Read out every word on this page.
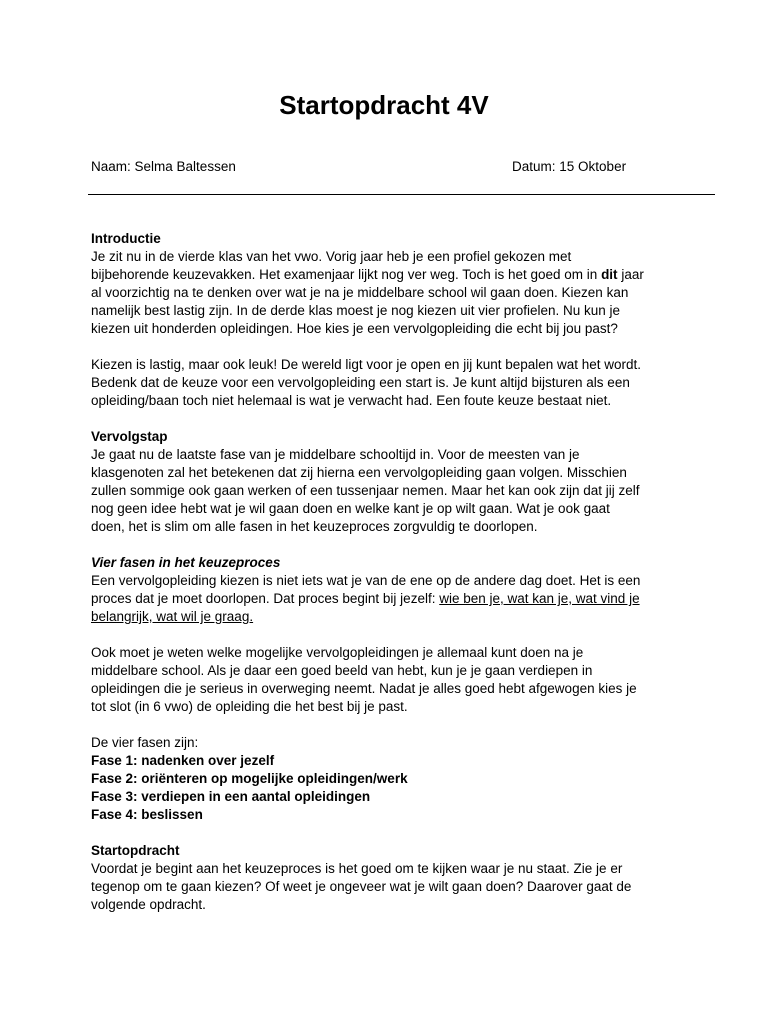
Startopdracht 4V
Naam: Selma Baltessen	Datum: 15 Oktober
Introductie
Je zit nu in de vierde klas van het vwo. Vorig jaar heb je een profiel gekozen met
bijbehorende keuzevakken. Het examenjaar lijkt nog ver weg. Toch is het goed om in dit jaar
al voorzichtig na te denken over wat je na je middelbare school wil gaan doen. Kiezen kan
namelijk best lastig zijn. In de derde klas moest je nog kiezen uit vier profielen. Nu kun je
kiezen uit honderden opleidingen. Hoe kies je een vervolgopleiding die echt bij jou past?
Kiezen is lastig, maar ook leuk! De wereld ligt voor je open en jij kunt bepalen wat het wordt.
Bedenk dat de keuze voor een vervolgopleiding een start is. Je kunt altijd bijsturen als een
opleiding/baan toch niet helemaal is wat je verwacht had. Een foute keuze bestaat niet.
Vervolgstap
Je gaat nu de laatste fase van je middelbare schooltijd in. Voor de meesten van je
klasgenoten zal het betekenen dat zij hierna een vervolgopleiding gaan volgen. Misschien
zullen sommige ook gaan werken of een tussenjaar nemen. Maar het kan ook zijn dat jij zelf
nog geen idee hebt wat je wil gaan doen en welke kant je op wilt gaan. Wat je ook gaat
doen, het is slim om alle fasen in het keuzeproces zorgvuldig te doorlopen.
Vier fasen in het keuzeproces
Een vervolgopleiding kiezen is niet iets wat je van de ene op de andere dag doet. Het is een
proces dat je moet doorlopen. Dat proces begint bij jezelf: wie ben je, wat kan je, wat vind je
belangrijk, wat wil je graag.
Ook moet je weten welke mogelijke vervolgopleidingen je allemaal kunt doen na je
middelbare school. Als je daar een goed beeld van hebt, kun je je gaan verdiepen in
opleidingen die je serieus in overweging neemt. Nadat je alles goed hebt afgewogen kies je
tot slot (in 6 vwo) de opleiding die het best bij je past.
De vier fasen zijn:
Fase 1: nadenken over jezelf
Fase 2: oriënteren op mogelijke opleidingen/werk
Fase 3: verdiepen in een aantal opleidingen
Fase 4: beslissen
Startopdracht
Voordat je begint aan het keuzeproces is het goed om te kijken waar je nu staat. Zie je er
tegenop om te gaan kiezen? Of weet je ongeveer wat je wilt gaan doen? Daarover gaat de
volgende opdracht.
